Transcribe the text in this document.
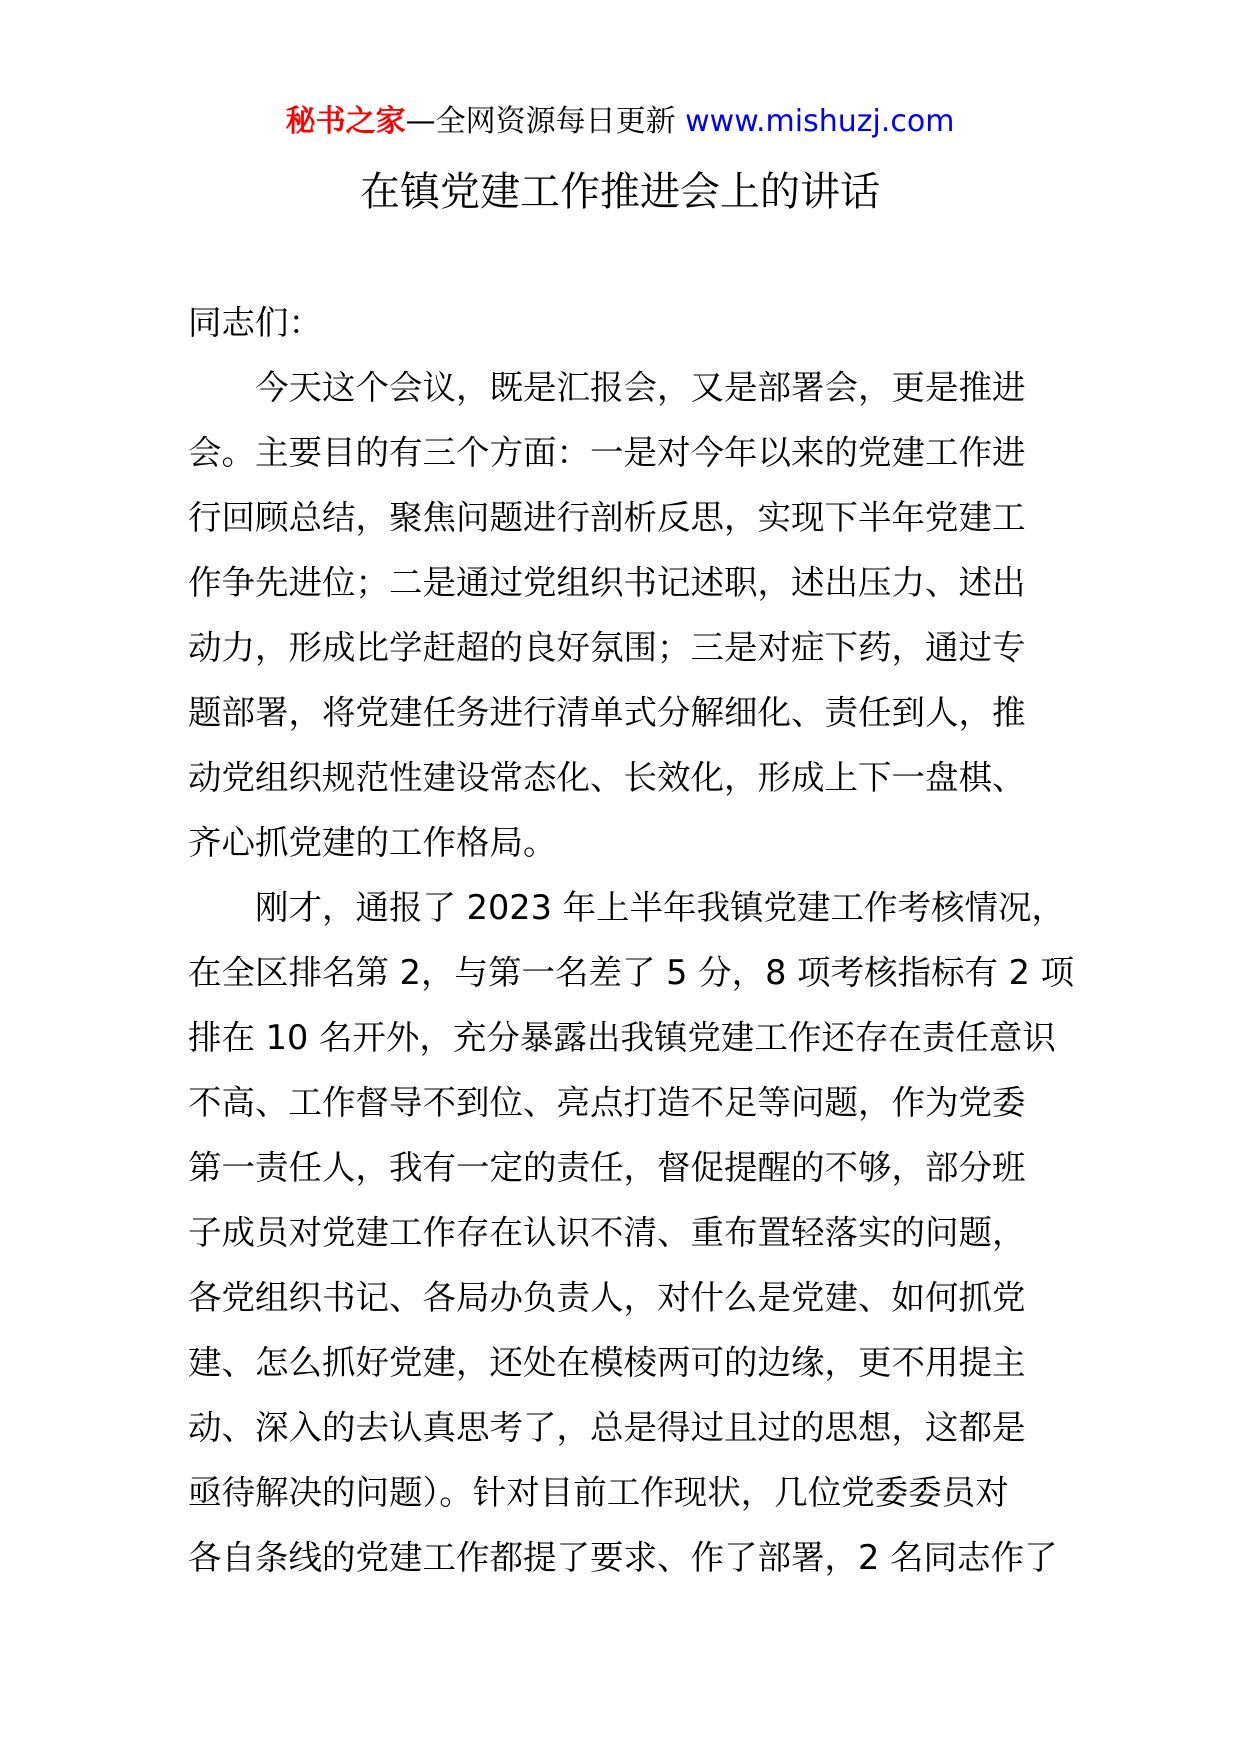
秘书之家—全网资源每日更新 www.mishuzj.com
在镇党建工作推进会上的讲话
同志们：
今天这个会议，既是汇报会，又是部署会，更是推进
会。主要目的有三个方面：一是对今年以来的党建工作进
行回顾总结，聚焦问题进行剖析反思，实现下半年党建工
作争先进位；二是通过党组织书记述职，述出压力、述出
动力，形成比学赶超的良好氛围；三是对症下药，通过专
题部署，将党建任务进行清单式分解细化、责任到人，推
动党组织规范性建设常态化、长效化，形成上下一盘棋、
齐心抓党建的工作格局。
刚才，通报了 2023 年上半年我镇党建工作考核情况，
在全区排名第 2，与第一名差了 5 分，8 项考核指标有 2 项
排在 10 名开外，充分暴露出我镇党建工作还存在责任意识
不高、工作督导不到位、亮点打造不足等问题，作为党委
第一责任人，我有一定的责任，督促提醒的不够，部分班
子成员对党建工作存在认识不清、重布置轻落实的问题，
各党组织书记、各局办负责人，对什么是党建、如何抓党
建、怎么抓好党建，还处在模棱两可的边缘，更不用提主
动、深入的去认真思考了，总是得过且过的思想，这都是
亟待解决的问题）。针对目前工作现状，几位党委委员对
各自条线的党建工作都提了要求、作了部署，2 名同志作了
